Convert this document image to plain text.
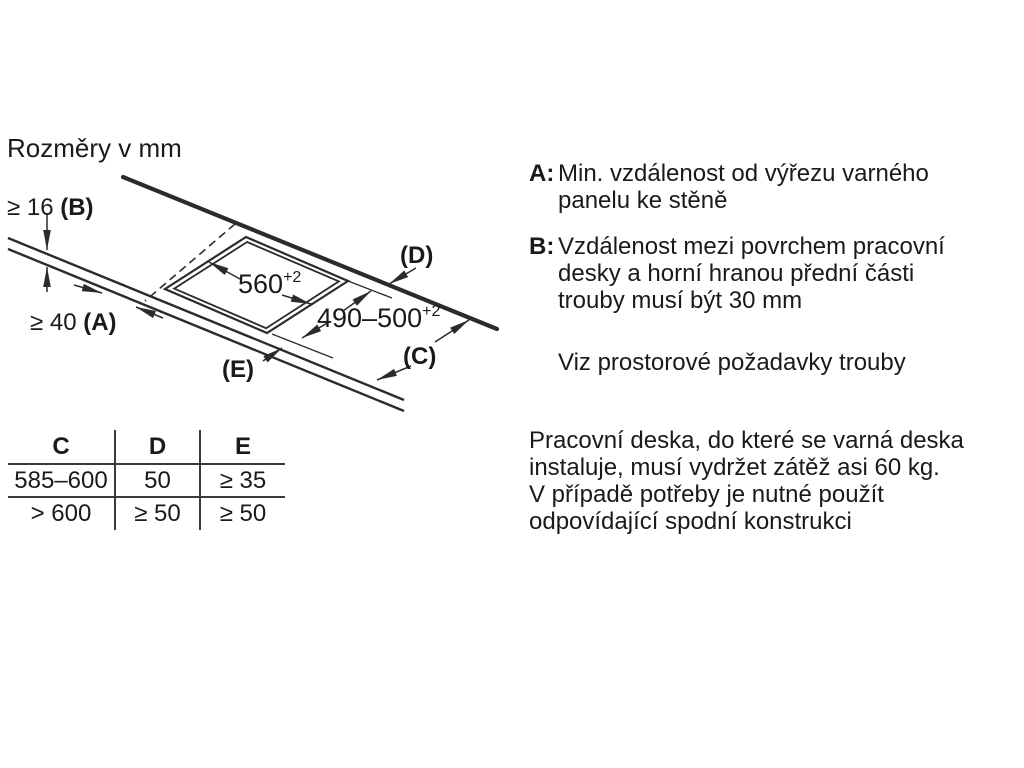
Rozměry v mm
≥ 16 (B)
≥ 40 (A)
$560^{+2}$
$490-500^{+2}$
(D)
(C)
(E)
C	D	E
585–600	50	≥ 35
> 600	≥ 50	≥ 50
A: Min. vzdálenost od výřezu varného
panelu ke stěně
B: Vzdálenost mezi povrchem pracovní
desky a horní hranou přední části
trouby musí být 30 mm
Viz prostorové požadavky trouby
Pracovní deska, do které se varná deska
instaluje, musí vydržet zátěž asi 60 kg.
V případě potřeby je nutné použít
odpovídající spodní konstrukci
